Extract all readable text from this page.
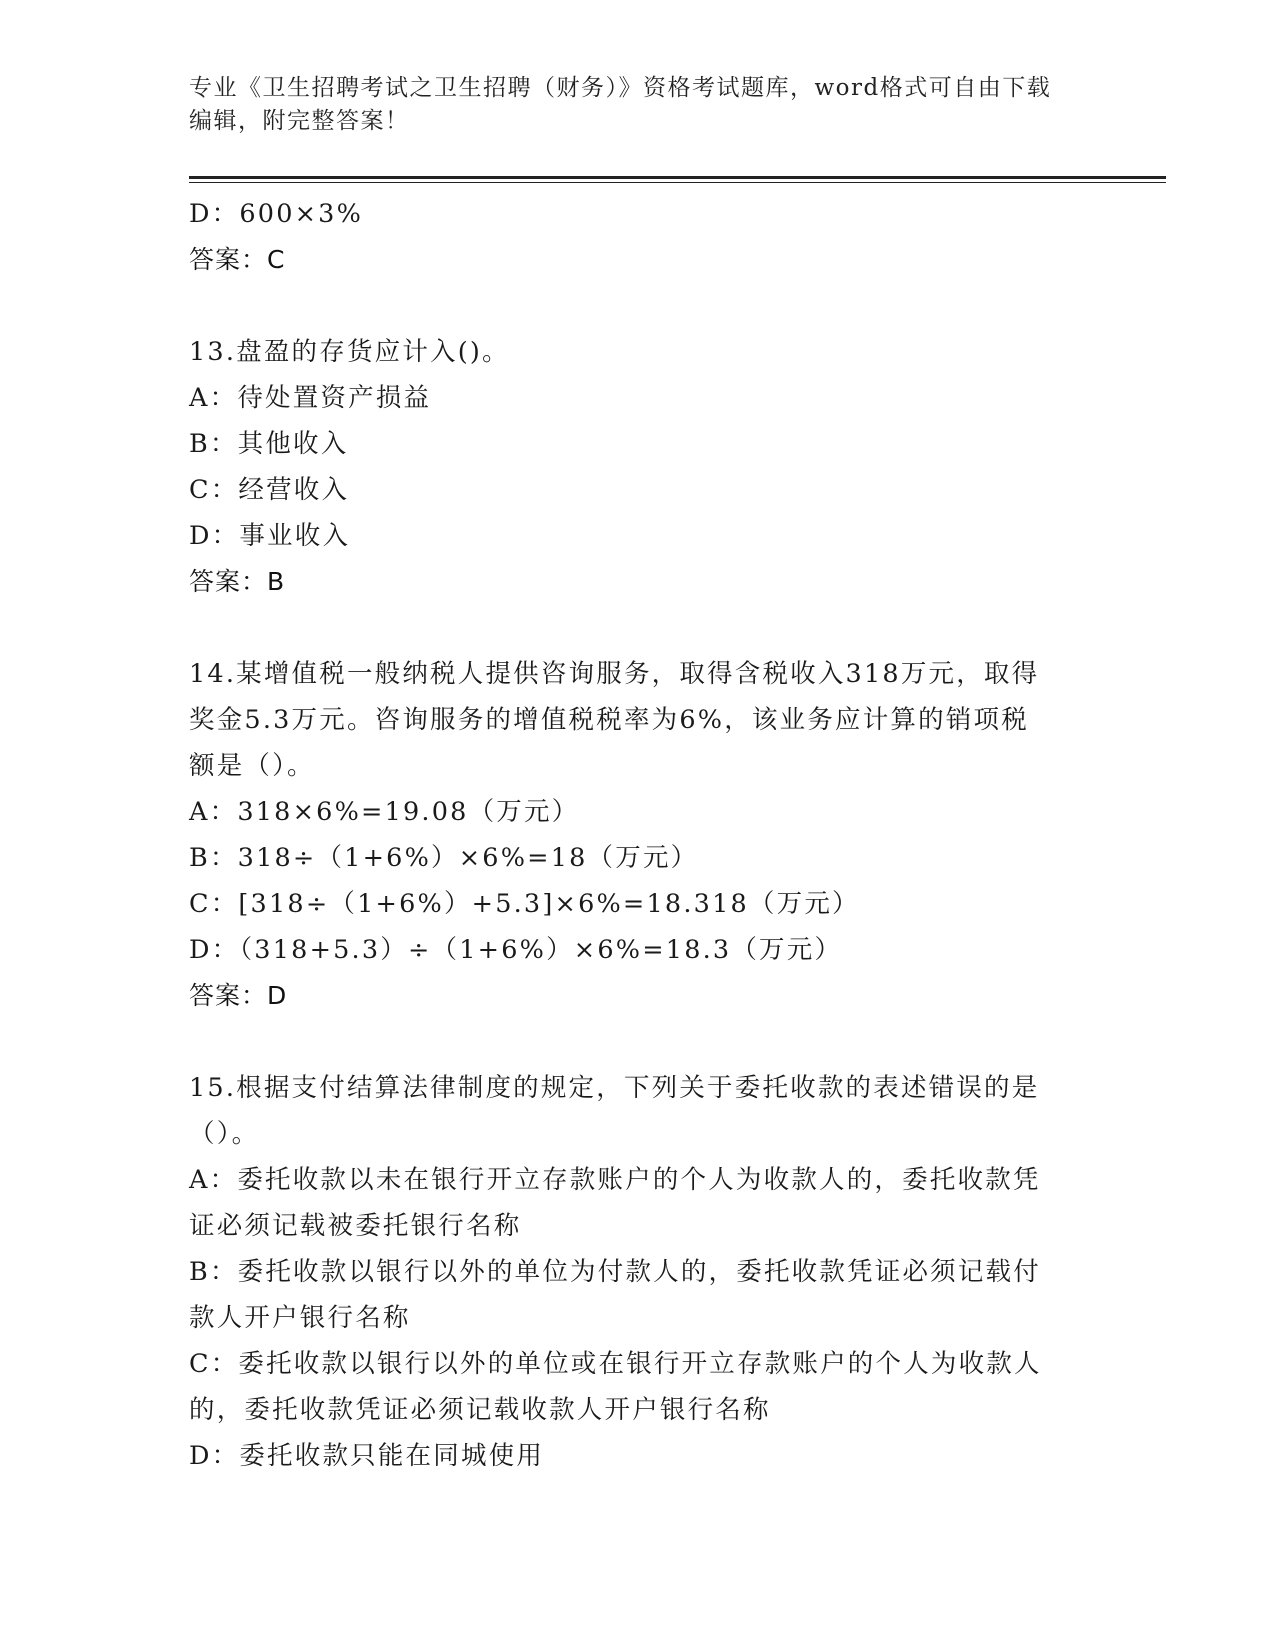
专业《卫生招聘考试之卫生招聘（财务）》资格考试题库，word格式可自由下载
编辑，附完整答案！
D：600×3%
答案：C
13.盘盈的存货应计入()。
A：待处置资产损益
B：其他收入
C：经营收入
D：事业收入
答案：B
14.某增值税一般纳税人提供咨询服务，取得含税收入318万元，取得
奖金5.3万元。咨询服务的增值税税率为6%，该业务应计算的销项税
额是（）。
A：318×6%=19.08（万元）
B：318÷（1+6%）×6%=18（万元）
C：[318÷（1+6%）+5.3]×6%=18.318（万元）
D：（318+5.3）÷（1+6%）×6%=18.3（万元）
答案：D
15.根据支付结算法律制度的规定，下列关于委托收款的表述错误的是
（）。
A：委托收款以未在银行开立存款账户的个人为收款人的，委托收款凭
证必须记载被委托银行名称
B：委托收款以银行以外的单位为付款人的，委托收款凭证必须记载付
款人开户银行名称
C：委托收款以银行以外的单位或在银行开立存款账户的个人为收款人
的，委托收款凭证必须记载收款人开户银行名称
D：委托收款只能在同城使用
